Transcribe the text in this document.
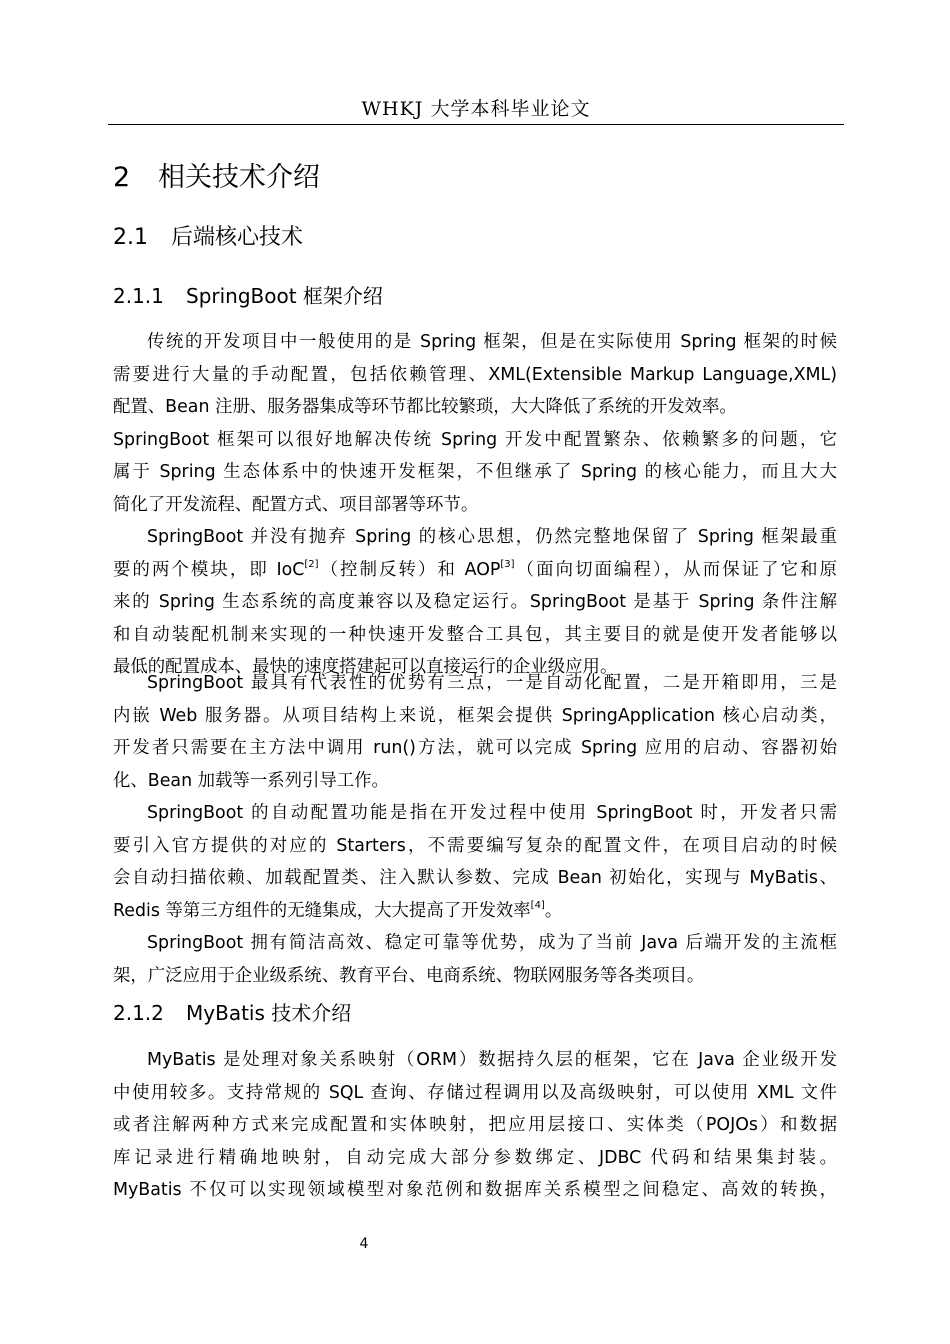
WHKJ 大学本科毕业论文
2 相关技术介绍
2.1 后端核心技术
2.1.1 SpringBoot 框架介绍
传统的开发项目中一般使用的是 Spring 框架，但是在实际使用 Spring 框架的时候
需要进行大量的手动配置，包括依赖管理、XML(Extensible Markup Language,XML)
配置、Bean 注册、服务器集成等环节都比较繁琐，大大降低了系统的开发效率。
SpringBoot 框架可以很好地解决传统 Spring 开发中配置繁杂、依赖繁多的问题，它
属于 Spring 生态体系中的快速开发框架，不但继承了 Spring 的核心能力，而且大大
简化了开发流程、配置方式、项目部署等环节。
SpringBoot 并没有抛弃 Spring 的核心思想，仍然完整地保留了 Spring 框架最重
要的两个模块，即 IoC[2]（控制反转）和 AOP[3]（面向切面编程），从而保证了它和原
来的 Spring 生态系统的高度兼容以及稳定运行。SpringBoot 是基于 Spring 条件注解
和自动装配机制来实现的一种快速开发整合工具包，其主要目的就是使开发者能够以
最低的配置成本、最快的速度搭建起可以直接运行的企业级应用。
SpringBoot 最具有代表性的优势有三点，一是自动化配置，二是开箱即用，三是
内嵌 Web 服务器。从项目结构上来说，框架会提供 SpringApplication 核心启动类，
开发者只需要在主方法中调用 run()方法，就可以完成 Spring 应用的启动、容器初始
化、Bean 加载等一系列引导工作。
SpringBoot 的自动配置功能是指在开发过程中使用 SpringBoot 时，开发者只需
要引入官方提供的对应的 Starters，不需要编写复杂的配置文件，在项目启动的时候
会自动扫描依赖、加载配置类、注入默认参数、完成 Bean 初始化，实现与 MyBatis、
Redis 等第三方组件的无缝集成，大大提高了开发效率[4]。
SpringBoot 拥有简洁高效、稳定可靠等优势，成为了当前 Java 后端开发的主流框
架，广泛应用于企业级系统、教育平台、电商系统、物联网服务等各类项目。
2.1.2 MyBatis 技术介绍
MyBatis 是处理对象关系映射（ORM）数据持久层的框架，它在 Java 企业级开发
中使用较多。支持常规的 SQL 查询、存储过程调用以及高级映射，可以使用 XML 文件
或者注解两种方式来完成配置和实体映射，把应用层接口、实体类（POJOs）和数据
库记录进行精确地映射，自动完成大部分参数绑定、JDBC 代码和结果集封装。
MyBatis 不仅可以实现领域模型对象范例和数据库关系模型之间稳定、高效的转换，
4
